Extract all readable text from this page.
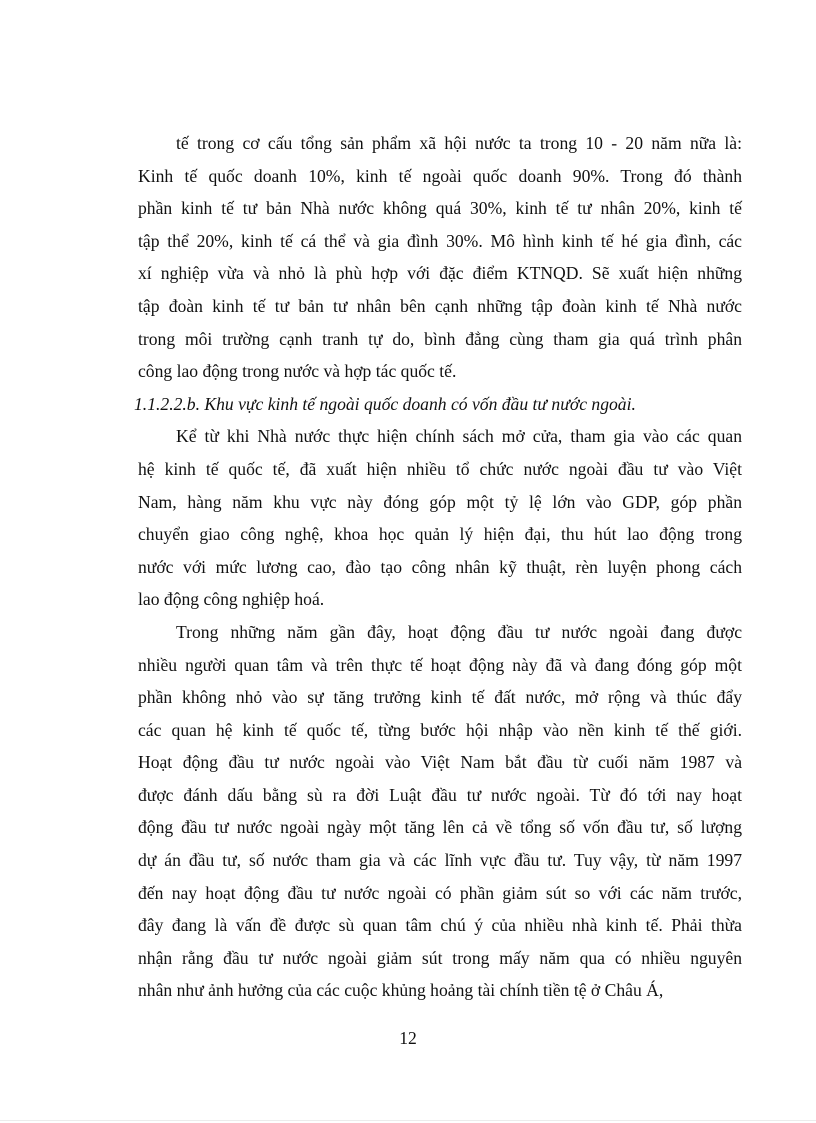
tế trong cơ cấu tổng sản phẩm xã hội nước ta trong 10 - 20 năm nữa là:
Kinh tế quốc doanh 10%, kinh tế ngoài quốc doanh 90%. Trong đó thành
phần kinh tế tư bản Nhà nước không quá 30%, kinh tế tư nhân 20%, kinh tế
tập thể 20%, kinh tế cá thể và gia đình 30%. Mô hình kinh tế hé gia đình, các
xí nghiệp vừa và nhỏ là phù hợp với đặc điểm KTNQD. Sẽ xuất hiện những
tập đoàn kinh tế tư bản tư nhân bên cạnh những tập đoàn kinh tế Nhà nước
trong môi trường cạnh tranh tự do, bình đẳng cùng tham gia quá trình phân
công lao động trong nước và hợp tác quốc tế.
1.1.2.2.b. Khu vực kinh tế ngoài quốc doanh có vốn đầu tư nước ngoài.
Kể từ khi Nhà nước thực hiện chính sách mở cửa, tham gia vào các quan
hệ kinh tế quốc tế, đã xuất hiện nhiều tổ chức nước ngoài đầu tư vào Việt
Nam, hàng năm khu vực này đóng góp một tỷ lệ lớn vào GDP, góp phần
chuyển giao công nghệ, khoa học quản lý hiện đại, thu hút lao động trong
nước với mức lương cao, đào tạo công nhân kỹ thuật, rèn luyện phong cách
lao động công nghiệp hoá.
Trong những năm gần đây, hoạt động đầu tư nước ngoài đang được
nhiều người quan tâm và trên thực tế hoạt động này đã và đang đóng góp một
phần không nhỏ vào sự tăng trưởng kinh tế đất nước, mở rộng và thúc đẩy
các quan hệ kinh tế quốc tế, từng bước hội nhập vào nền kinh tế thế giới.
Hoạt động đầu tư nước ngoài vào Việt Nam bắt đầu từ cuối năm 1987 và
được đánh dấu bằng sù ra đời Luật đầu tư nước ngoài. Từ đó tới nay hoạt
động đầu tư nước ngoài ngày một tăng lên cả về tổng số vốn đầu tư, số lượng
dự án đầu tư, số nước tham gia và các lĩnh vực đầu tư. Tuy vậy, từ năm 1997
đến nay hoạt động đầu tư nước ngoài có phần giảm sút so với các năm trước,
đây đang là vấn đề được sù quan tâm chú ý của nhiều nhà kinh tế. Phải thừa
nhận rằng đầu tư nước ngoài giảm sút trong mấy năm qua có nhiều nguyên
nhân như ảnh hưởng của các cuộc khủng hoảng tài chính tiền tệ ở Châu Á,
12
